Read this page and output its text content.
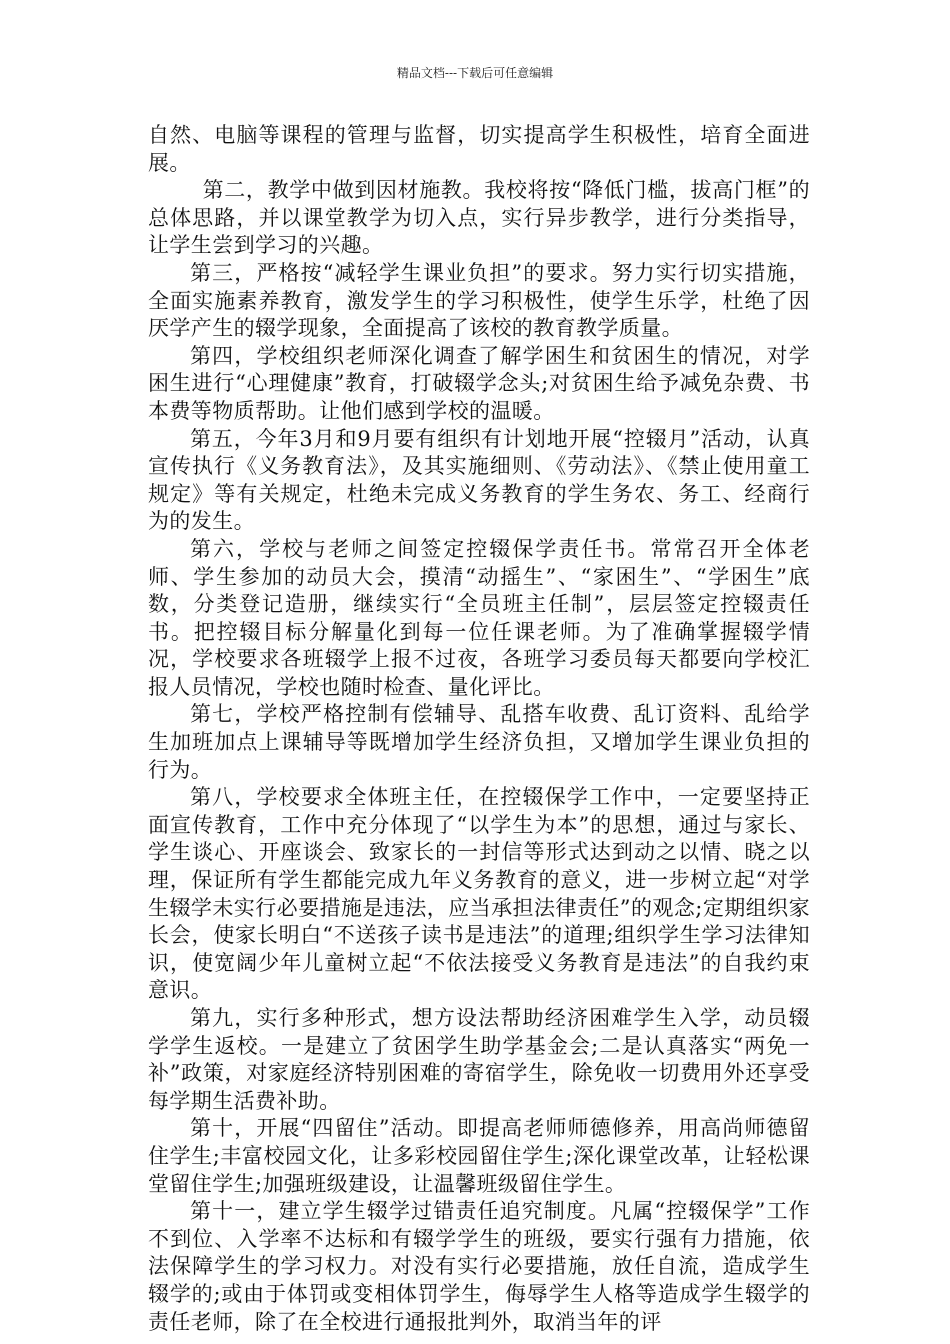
精品文档---下载后可任意编辑

自然、电脑等课程的管理与监督，切实提高学生积极性，培育全面进展。

第二，教学中做到因材施教。我校将按“降低门槛，拔高门框”的总体思路，并以课堂教学为切入点，实行异步教学，进行分类指导，让学生尝到学习的兴趣。

第三，严格按“减轻学生课业负担”的要求。努力实行切实措施，全面实施素养教育，激发学生的学习积极性，使学生乐学，杜绝了因厌学产生的辍学现象，全面提高了该校的教育教学质量。

第四，学校组织老师深化调查了解学困生和贫困生的情况，对学困生进行“心理健康”教育，打破辍学念头;对贫困生给予减免杂费、书本费等物质帮助。让他们感到学校的温暖。

第五，今年3月和9月要有组织有计划地开展“控辍月”活动，认真宣传执行《义务教育法》，及其实施细则、《劳动法》、《禁止使用童工规定》等有关规定，杜绝未完成义务教育的学生务农、务工、经商行为的发生。

第六，学校与老师之间签定控辍保学责任书。常常召开全体老师、学生参加的动员大会，摸清“动摇生”、“家困生”、“学困生”底数，分类登记造册，继续实行“全员班主任制”，层层签定控辍责任书。把控辍目标分解量化到每一位任课老师。为了准确掌握辍学情况，学校要求各班辍学上报不过夜，各班学习委员每天都要向学校汇报人员情况，学校也随时检查、量化评比。

第七，学校严格控制有偿辅导、乱搭车收费、乱订资料、乱给学生加班加点上课辅导等既增加学生经济负担，又增加学生课业负担的行为。

第八，学校要求全体班主任，在控辍保学工作中，一定要坚持正面宣传教育，工作中充分体现了“以学生为本”的思想，通过与家长、学生谈心、开座谈会、致家长的一封信等形式达到动之以情、晓之以理，保证所有学生都能完成九年义务教育的意义，进一步树立起“对学生辍学未实行必要措施是违法，应当承担法律责任”的观念;定期组织家长会，使家长明白“不送孩子读书是违法”的道理;组织学生学习法律知识，使宽阔少年儿童树立起“不依法接受义务教育是违法”的自我约束意识。

第九，实行多种形式，想方设法帮助经济困难学生入学，动员辍学学生返校。一是建立了贫困学生助学基金会;二是认真落实“两免一补”政策，对家庭经济特别困难的寄宿学生，除免收一切费用外还享受每学期生活费补助。

第十，开展“四留住”活动。即提高老师师德修养，用高尚师德留住学生;丰富校园文化，让多彩校园留住学生;深化课堂改革，让轻松课堂留住学生;加强班级建设，让温馨班级留住学生。

第十一，建立学生辍学过错责任追究制度。凡属“控辍保学”工作不到位、入学率不达标和有辍学学生的班级，要实行强有力措施，依法保障学生的学习权力。对没有实行必要措施，放任自流，造成学生辍学的;或由于体罚或变相体罚学生，侮辱学生人格等造成学生辍学的责任老师，除了在全校进行通报批判外，取消当年的评
